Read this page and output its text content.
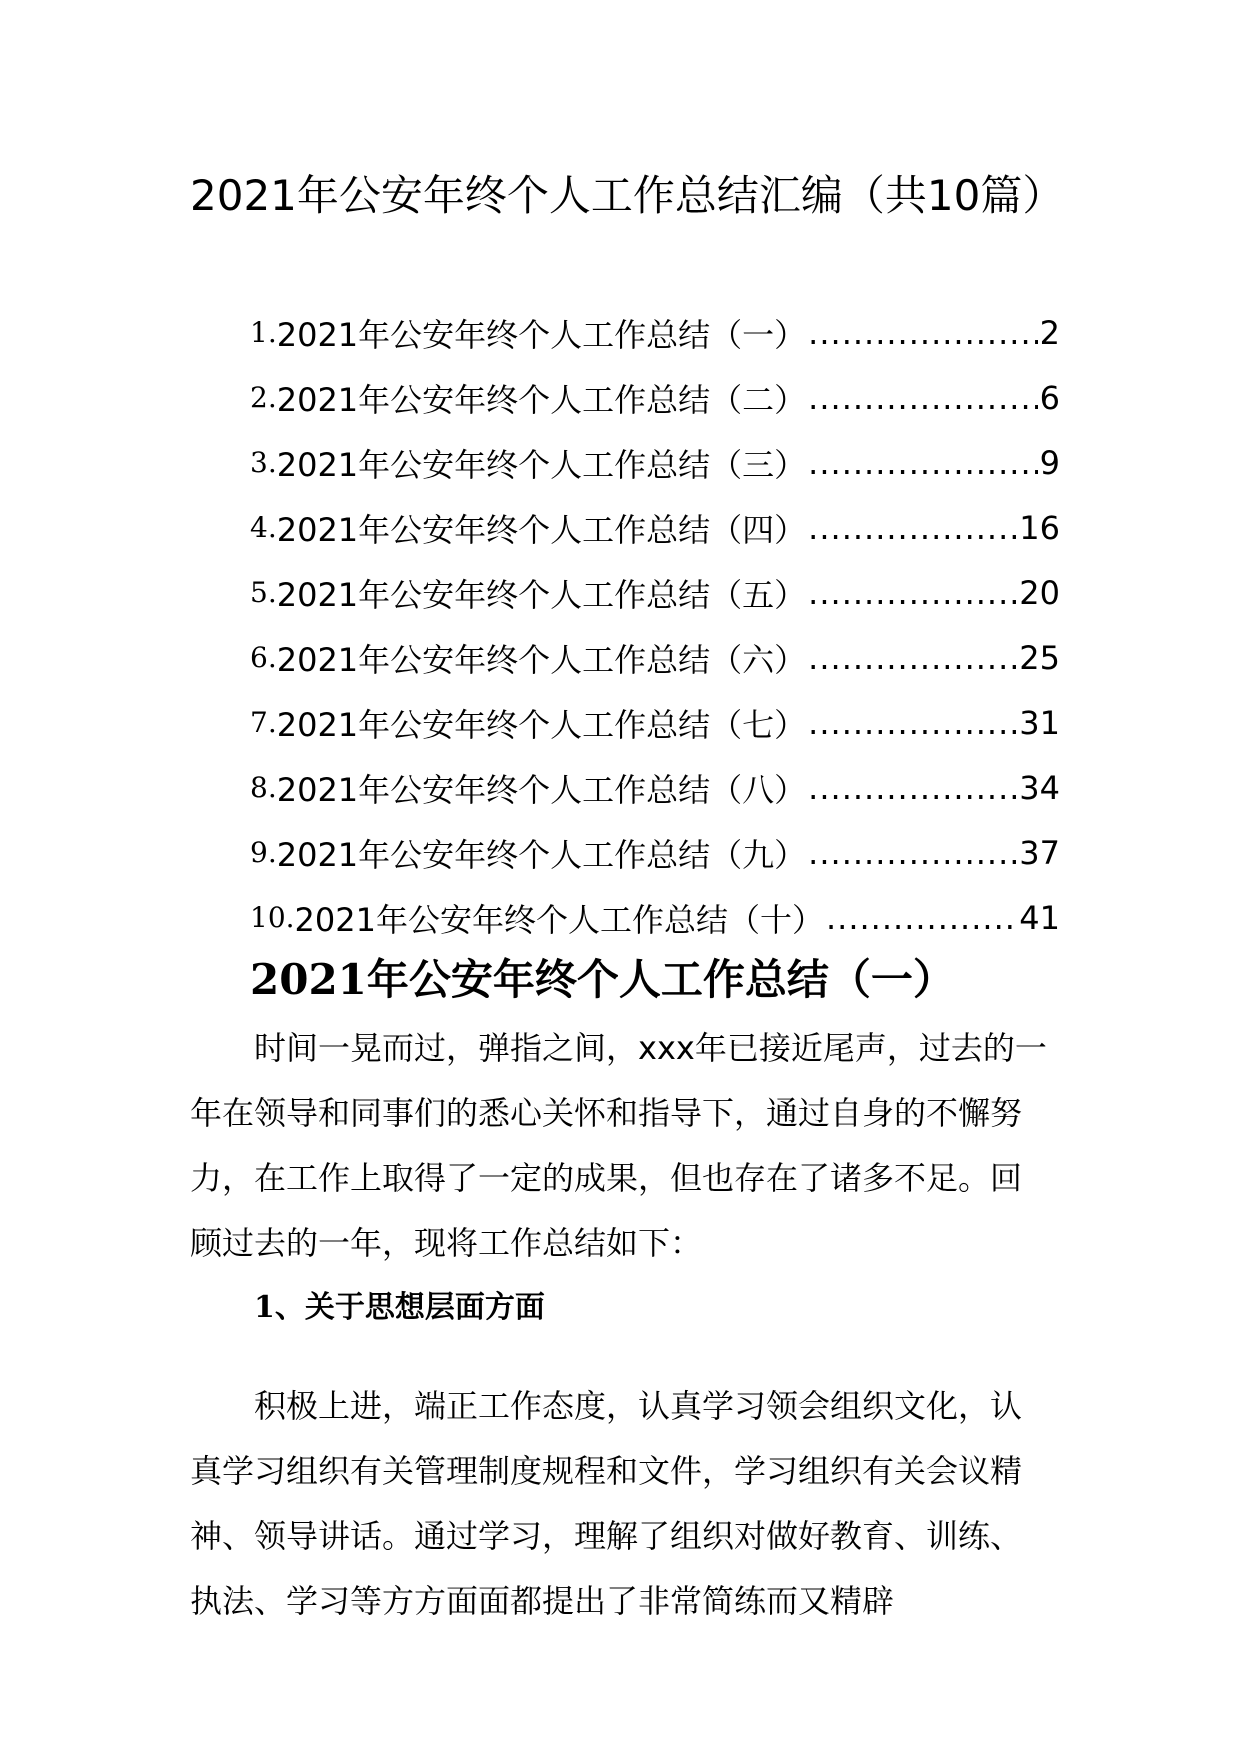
2021年公安年终个人工作总结汇编（共10篇）
1. 2021年公安年终个人工作总结（一） .....	2
2. 2021年公安年终个人工作总结（二） .....	6
3. 2021年公安年终个人工作总结（三） .....	9
4. 2021年公安年终个人工作总结（四） .....	16
5. 2021年公安年终个人工作总结（五） .....	20
6. 2021年公安年终个人工作总结（六） .....	25
7. 2021年公安年终个人工作总结（七） .....	31
8. 2021年公安年终个人工作总结（八） .....	34
9. 2021年公安年终个人工作总结（九） .....	37
10. 2021年公安年终个人工作总结（十） .....	41
2021年公安年终个人工作总结（一）

时间一晃而过，弹指之间，xxx年已接近尾声，过去的一年在领导和同事们的悉心关怀和指导下，通过自身的不懈努力，在工作上取得了一定的成果，但也存在了诸多不足。回顾过去的一年，现将工作总结如下：

1、关于思想层面方面

积极上进，端正工作态度，认真学习领会组织文化，认真学习组织有关管理制度规程和文件，学习组织有关会议精神、领导讲话。通过学习，理解了组织对做好教育、训练、执法、学习等方方面面都提出了非常简练而又精辟
